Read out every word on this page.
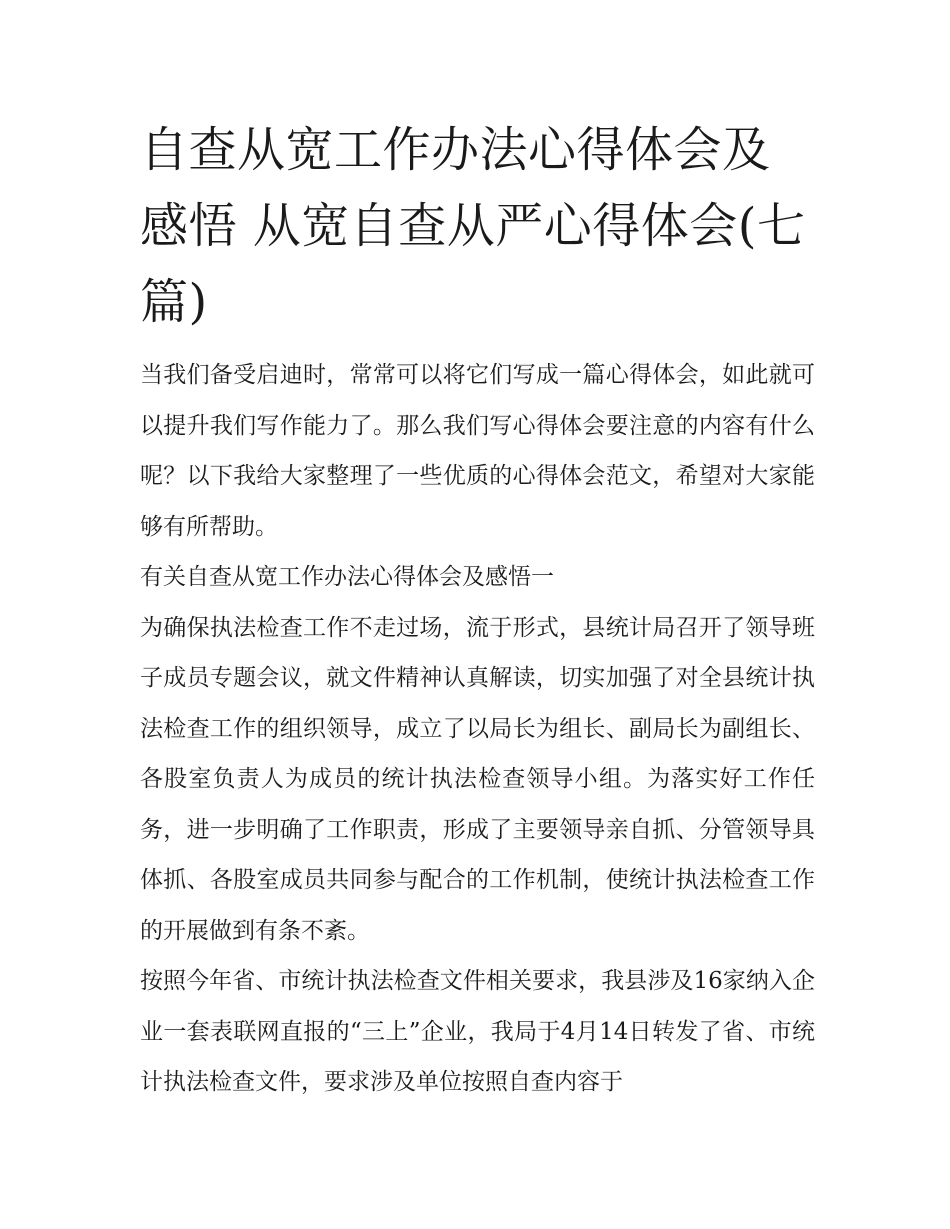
自查从宽工作办法心得体会及感悟 从宽自查从严心得体会(七篇)

当我们备受启迪时，常常可以将它们写成一篇心得体会，如此就可以提升我们写作能力了。那么我们写心得体会要注意的内容有什么呢？以下我给大家整理了一些优质的心得体会范文，希望对大家能够有所帮助。

有关自查从宽工作办法心得体会及感悟一

为确保执法检查工作不走过场，流于形式，县统计局召开了领导班子成员专题会议，就文件精神认真解读，切实加强了对全县统计执法检查工作的组织领导，成立了以局长为组长、副局长为副组长、各股室负责人为成员的统计执法检查领导小组。为落实好工作任务，进一步明确了工作职责，形成了主要领导亲自抓、分管领导具体抓、各股室成员共同参与配合的工作机制，使统计执法检查工作的开展做到有条不紊。

按照今年省、市统计执法检查文件相关要求，我县涉及16家纳入企业一套表联网直报的“三上”企业，我局于4月14日转发了省、市统计执法检查文件，要求涉及单位按照自查内容于
